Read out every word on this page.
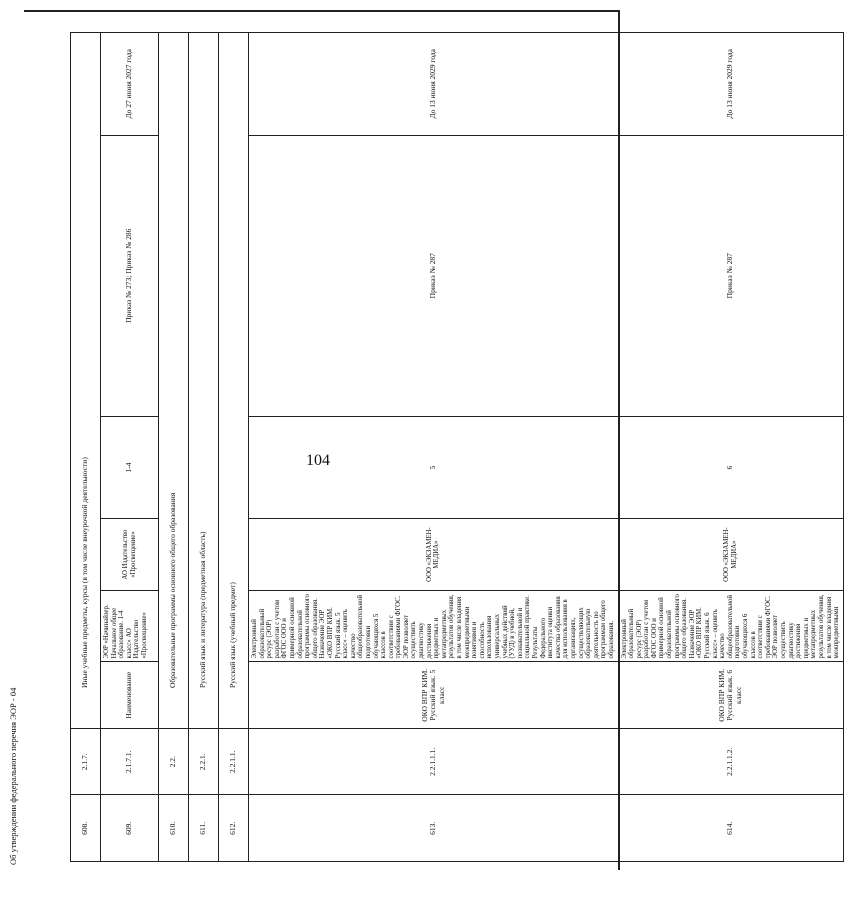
104
608.	2.1.7.	Иные учебные предметы, курсы (в том числе внеурочной деятельности)					
609.	2.1.7.1.	Наименование	ЭОР «Начинайзер. Начальное общее образование. 1-4 класс» АО Издательство «Просвещение»	АО Издательство «Просвещение»	1-4	Приказ № 273; Приказ № 286	До 27 июня 2027 года
610.	2.2.	Образовательные программы основного общего образования					
611.	2.2.1.	Русский язык и литература (предметная область)					
612.	2.2.1.1.	Русский язык (учебный предмет)					
613.	2.2.1.1.1.	ОКО ВПР КИМ. Русский язык. 5 класс	Электронный образовательный ресурс (ЭОР) разработан с учетом ФГОС ООО и примерной основной образовательной программы основного общего образования. Назначение ЭОР «ОКО ВПР КИМ. Русский язык. 5 класс» – оценить качество общеобразовательной подготовки обучающихся 5 классов в соответствии с требованиями ФГОС. ЭОР позволяет осуществить диагностику достижения предметных и метапредметных результатов обучения, в том числе владения межпредметными понятиями и способность использования универсальных учебных действий (УУД) в учебной, познавательной и социальной практике. Результаты Федерального института оценки качества образования для использования в организациях, осуществляющих образовательную деятельность по программам общего образования.	ООО «ЭКЗАМЕН-МЕДИА»	5	Приказ № 287	До 13 июня 2029 года
614.	2.2.1.1.2.	ОКО ВПР КИМ. Русский язык. 6 класс	Электронный образовательный ресурс (ЭОР) разработан с учетом ФГОС ООО и примерной основной образовательной программы основного общего образования. Назначение ЭОР «ОКО ВПР КИМ. Русский язык. 6 класс» – оценить качество общеобразовательной подготовки обучающихся 6 классов в соответствии с требованиями ФГОС. ЭОР позволяет осуществить диагностику достижения предметных и метапредметных результатов обучения, в том числе владения межпредметными	ООО «ЭКЗАМЕН-МЕДИА»	6	Приказ № 287	До 13 июня 2029 года
Об утверждении федерального перечня ЭОР - 04
